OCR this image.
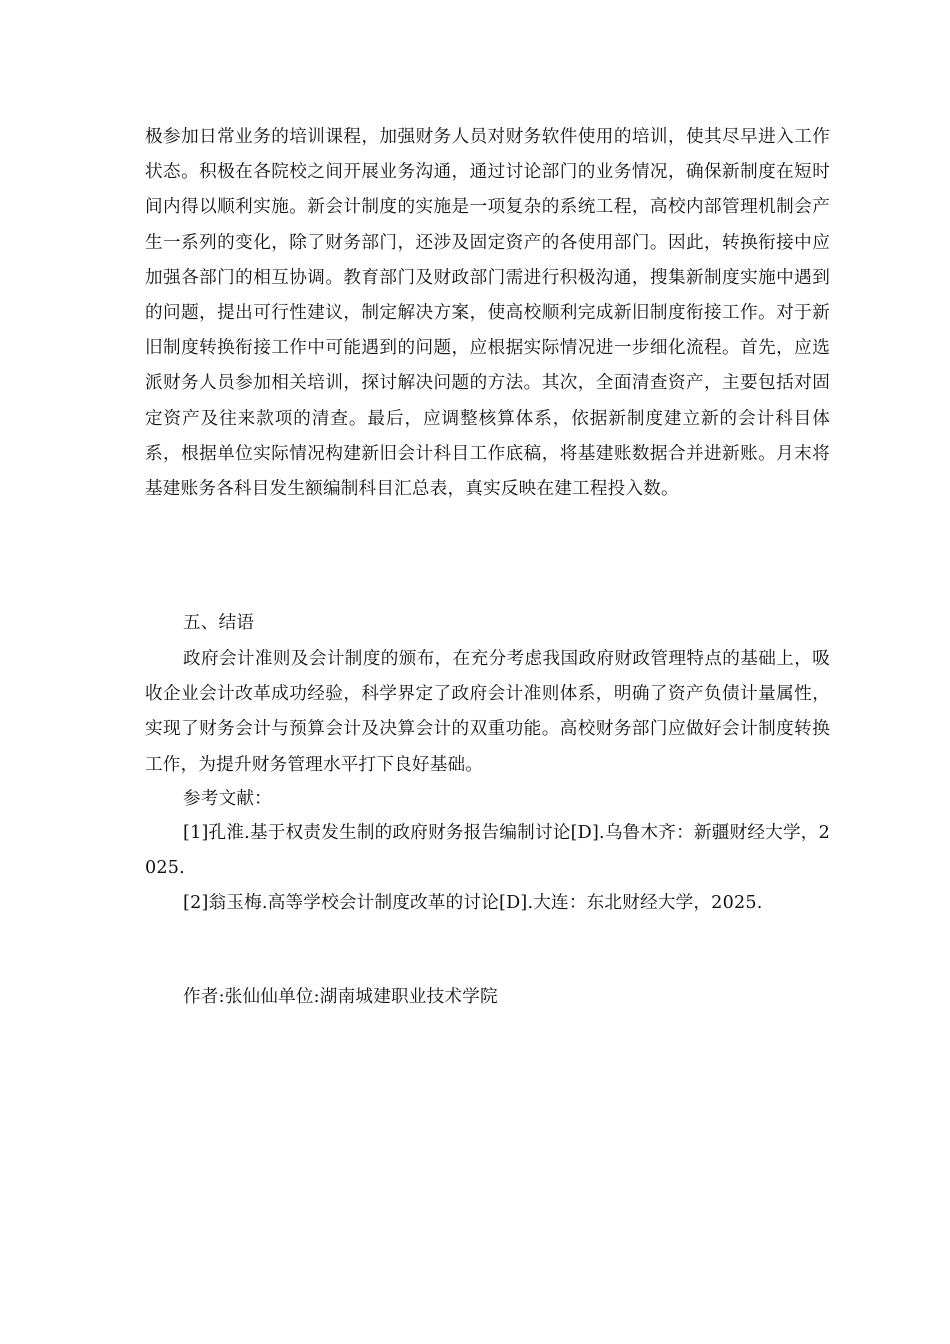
极参加日常业务的培训课程，加强财务人员对财务软件使用的培训，使其尽早进入工作状态。积极在各院校之间开展业务沟通，通过讨论部门的业务情况，确保新制度在短时间内得以顺利实施。新会计制度的实施是一项复杂的系统工程，高校内部管理机制会产生一系列的变化，除了财务部门，还涉及固定资产的各使用部门。因此，转换衔接中应加强各部门的相互协调。教育部门及财政部门需进行积极沟通，搜集新制度实施中遇到的问题，提出可行性建议，制定解决方案，使高校顺利完成新旧制度衔接工作。对于新旧制度转换衔接工作中可能遇到的问题，应根据实际情况进一步细化流程。首先，应选派财务人员参加相关培训，探讨解决问题的方法。其次，全面清查资产，主要包括对固定资产及往来款项的清查。最后，应调整核算体系，依据新制度建立新的会计科目体系，根据单位实际情况构建新旧会计科目工作底稿，将基建账数据合并进新账。月末将基建账务各科目发生额编制科目汇总表，真实反映在建工程投入数。

五、结语

政府会计准则及会计制度的颁布，在充分考虑我国政府财政管理特点的基础上，吸收企业会计改革成功经验，科学界定了政府会计准则体系，明确了资产负债计量属性，实现了财务会计与预算会计及决算会计的双重功能。高校财务部门应做好会计制度转换工作，为提升财务管理水平打下良好基础。

参考文献：

[1]孔淮.基于权责发生制的政府财务报告编制讨论[D].乌鲁木齐：新疆财经大学，2025.

[2]翁玉梅.高等学校会计制度改革的讨论[D].大连：东北财经大学，2025.

作者:张仙仙单位:湖南城建职业技术学院
